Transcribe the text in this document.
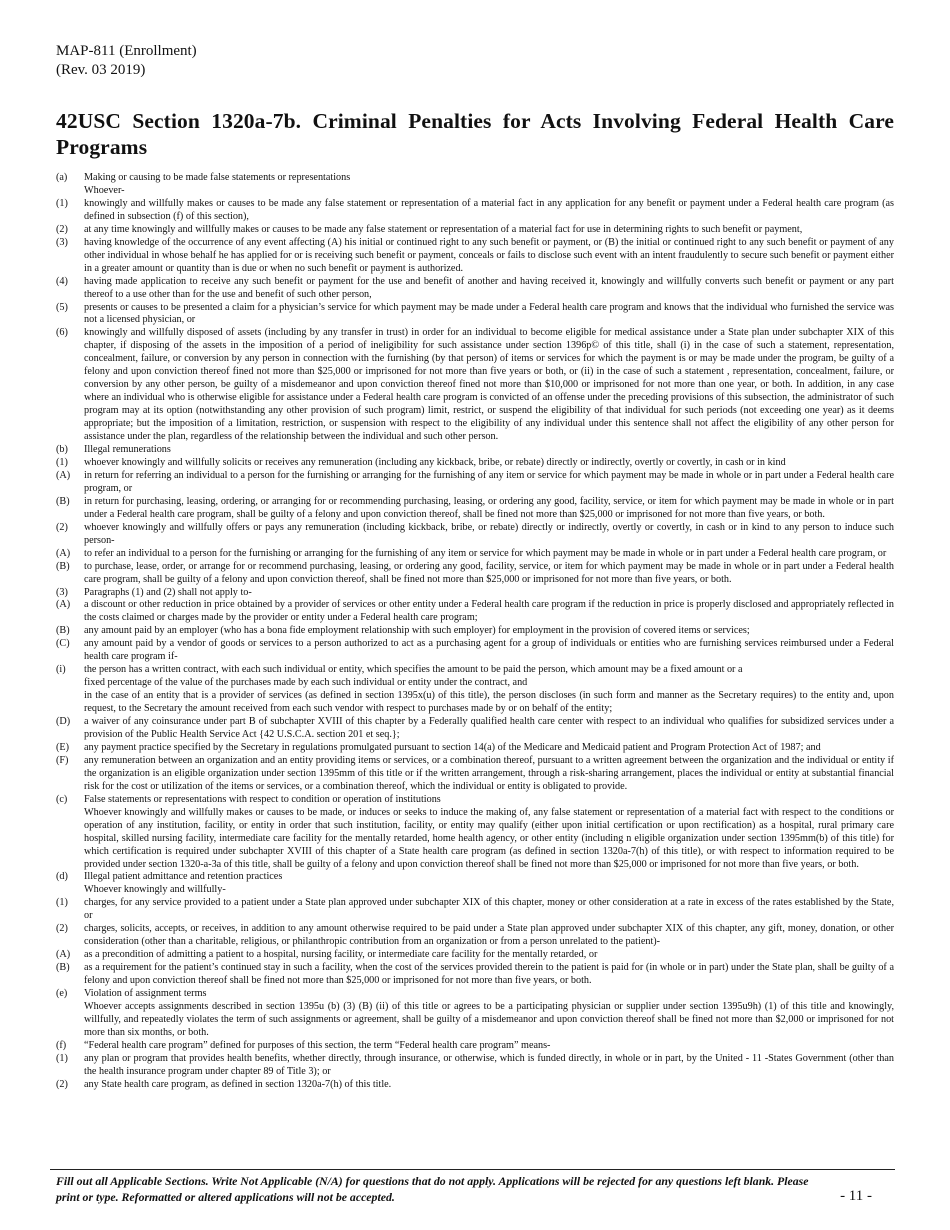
MAP-811 (Enrollment)
(Rev. 03 2019)
42USC Section 1320a-7b. Criminal Penalties for Acts Involving Federal Health Care Programs
(a)	Making or causing to be made false statements or representations
Whoever-
(1)	knowingly and willfully makes or causes to be made any false statement or representation of a material fact in any application for any benefit or payment under a Federal health care program (as defined in subsection (f) of this section),
(2)	at any time knowingly and willfully makes or causes to be made any false statement or representation of a material fact for use in determining rights to such benefit or payment,
(3)	having knowledge of the occurrence of any event affecting (A) his initial or continued right to any such benefit or payment, or (B) the initial or continued right to any such benefit or payment of any other individual in whose behalf he has applied for or is receiving such benefit or payment, conceals or fails to disclose such event with an intent fraudulently to secure such benefit or payment either in a greater amount or quantity than is due or when no such benefit or payment is authorized.
(4)	having made application to receive any such benefit or payment for the use and benefit of another and having received it, knowingly and willfully converts such benefit or payment or any part thereof to a use other than for the use and benefit of such other person,
(5)	presents or causes to be presented a claim for a physician’s service for which payment may be made under a Federal health care program and knows that the individual who furnished the service was not a licensed physician, or
(6)	knowingly and willfully disposed of assets (including by any transfer in trust) in order for an individual to become eligible for medical assistance under a State plan under subchapter XIX of this chapter, if disposing of the assets in the imposition of a period of ineligibility for such assistance under section 1396p© of this title, shall (i) in the case of such a statement, representation, concealment, failure, or conversion by any person in connection with the furnishing (by that person) of items or services for which the payment is or may be made under the program, be guilty of a felony and upon conviction thereof fined not more than $25,000 or imprisoned for not more than five years or both, or (ii) in the case of such a statement , representation, concealment, failure, or conversion by any other person, be guilty of a misdemeanor and upon conviction thereof fined not more than $10,000 or imprisoned for not more than one year, or both. In addition, in any case where an individual who is otherwise eligible for assistance under a Federal health care program is convicted of an offense under the preceding provisions of this subsection, the administrator of such program may at its option (notwithstanding any other provision of such program) limit, restrict, or suspend the eligibility of that individual for such periods (not exceeding one year) as it deems appropriate; but the imposition of a limitation, restriction, or suspension with respect to the eligibility of any individual under this sentence shall not affect the eligibility of any other person for assistance under the plan, regardless of the relationship between the individual and such other person.
(b)	Illegal remunerations
(1)	whoever knowingly and willfully solicits or receives any remuneration (including any kickback, bribe, or rebate) directly or indirectly, overtly or covertly, in cash or in kind
(A)	in return for referring an individual to a person for the furnishing or arranging for the furnishing of any item or service for which payment may be made in whole or in part under a Federal health care program, or
(B)	in return for purchasing, leasing, ordering, or arranging for or recommending purchasing, leasing, or ordering any good, facility, service, or item for which payment may be made in whole or in part under a Federal health care program, shall be guilty of a felony and upon conviction thereof, shall be fined not more than $25,000 or imprisoned for not more than five years, or both.
(2)	whoever knowingly and willfully offers or pays any remuneration (including kickback, bribe, or rebate) directly or indirectly, overtly or covertly, in cash or in kind to any person to induce such person-
(A)	to refer an individual to a person for the furnishing or arranging for the furnishing of any item or service for which payment may be made in whole or in part under a Federal health care program, or
(B)	to purchase, lease, order, or arrange for or recommend purchasing, leasing, or ordering any good, facility, service, or item for which payment may be made in whole or in part under a Federal health care program, shall be guilty of a felony and upon conviction thereof, shall be fined not more than $25,000 or imprisoned for not more than five years, or both.
(3)	Paragraphs (1) and (2) shall not apply to-
(A)	a discount or other reduction in price obtained by a provider of services or other entity under a Federal health care program if the reduction in price is properly disclosed and appropriately reflected in the costs claimed or charges made by the provider or entity under a Federal health care program;
(B)	any amount paid by an employer (who has a bona fide employment relationship with such employer) for employment in the provision of covered items or services;
(C)	any amount paid by a vendor of goods or services to a person authorized to act as a purchasing agent for a group of individuals or entities who are furnishing services reimbursed under a Federal health care program if-
(i)	the person has a written contract, with each such individual or entity, which specifies the amount to be paid the person, which amount may be a fixed amount or a
fixed percentage of the value of the purchases made by each such individual or entity under the contract, and
in the case of an entity that is a provider of services (as defined in section 1395x(u) of this title), the person discloses (in such form and manner as the Secretary requires) to the entity and, upon request, to the Secretary the amount received from each such vendor with respect to purchases made by or on behalf of the entity;
(D)	a waiver of any coinsurance under part B of subchapter XVIII of this chapter by a Federally qualified health care center with respect to an individual who qualifies for subsidized services under a provision of the Public Health Service Act {42 U.S.C.A. section 201 et seq.};
(E)	any payment practice specified by the Secretary in regulations promulgated pursuant to section 14(a) of the Medicare and Medicaid patient and Program Protection Act of 1987; and
(F)	any remuneration between an organization and an entity providing items or services, or a combination thereof, pursuant to a written agreement between the organization and the individual or entity if the organization is an eligible organization under section 1395mm of this title or if the written arrangement, through a risk-sharing arrangement, places the individual or entity at substantial financial risk for the cost or utilization of the items or services, or a combination thereof, which the individual or entity is obligated to provide.
(c)	False statements or representations with respect to condition or operation of institutions
Whoever knowingly and willfully makes or causes to be made, or induces or seeks to induce the making of, any false statement or representation of a material fact with respect to the conditions or operation of any institution, facility, or entity in order that such institution, facility, or entity may qualify (either upon initial certification or upon rectification) as a hospital, rural primary care hospital, skilled nursing facility, intermediate care facility for the mentally retarded, home health agency, or other entity (including n eligible organization under section 1395mm(b) of this title) for which certification is required under subchapter XVIII of this chapter of a State health care program (as defined in section 1320a-7(h) of this title), or with respect to information required to be provided under section 1320-a-3a of this title, shall be guilty of a felony and upon conviction thereof shall be fined not more than $25,000 or imprisoned for not more than five years, or both.
(d)	Illegal patient admittance and retention practices
Whoever knowingly and willfully-
(1)	charges, for any service provided to a patient under a State plan approved under subchapter XIX of this chapter, money or other consideration at a rate in excess of the rates established by the State, or
(2)	charges, solicits, accepts, or receives, in addition to any amount otherwise required to be paid under a State plan approved under subchapter XIX of this chapter, any gift, money, donation, or other consideration (other than a charitable, religious, or philanthropic contribution from an organization or from a person unrelated to the patient)-
(A)	as a precondition of admitting a patient to a hospital, nursing facility, or intermediate care facility for the mentally retarded, or
(B)	as a requirement for the patient’s continued stay in such a facility, when the cost of the services provided therein to the patient is paid for (in whole or in part) under the State plan, shall be guilty of a felony and upon conviction thereof shall be fined not more than $25,000 or imprisoned for not more than five years, or both.
(e)	Violation of assignment terms
Whoever accepts assignments described in section 1395u (b) (3) (B) (ii) of this title or agrees to be a participating physician or supplier under section 1395u9h) (1) of this title and knowingly, willfully, and repeatedly violates the term of such assignments or agreement, shall be guilty of a misdemeanor and upon conviction thereof shall be fined not more than $2,000 or imprisoned for not more than six months, or both.
(f)	“Federal health care program” defined for purposes of this section, the term “Federal health care program” means-
(1)	any plan or program that provides health benefits, whether directly, through insurance, or otherwise, which is funded directly, in whole or in part, by the United - 11 -States Government (other than the health insurance program under chapter 89 of Title 3); or
(2)	any State health care program, as defined in section 1320a-7(h) of this title.
Fill out all Applicable Sections. Write Not Applicable (N/A) for questions that do not apply. Applications will be rejected for any questions left blank. Please print or type. Reformatted or altered applications will not be accepted.	- 11 -
